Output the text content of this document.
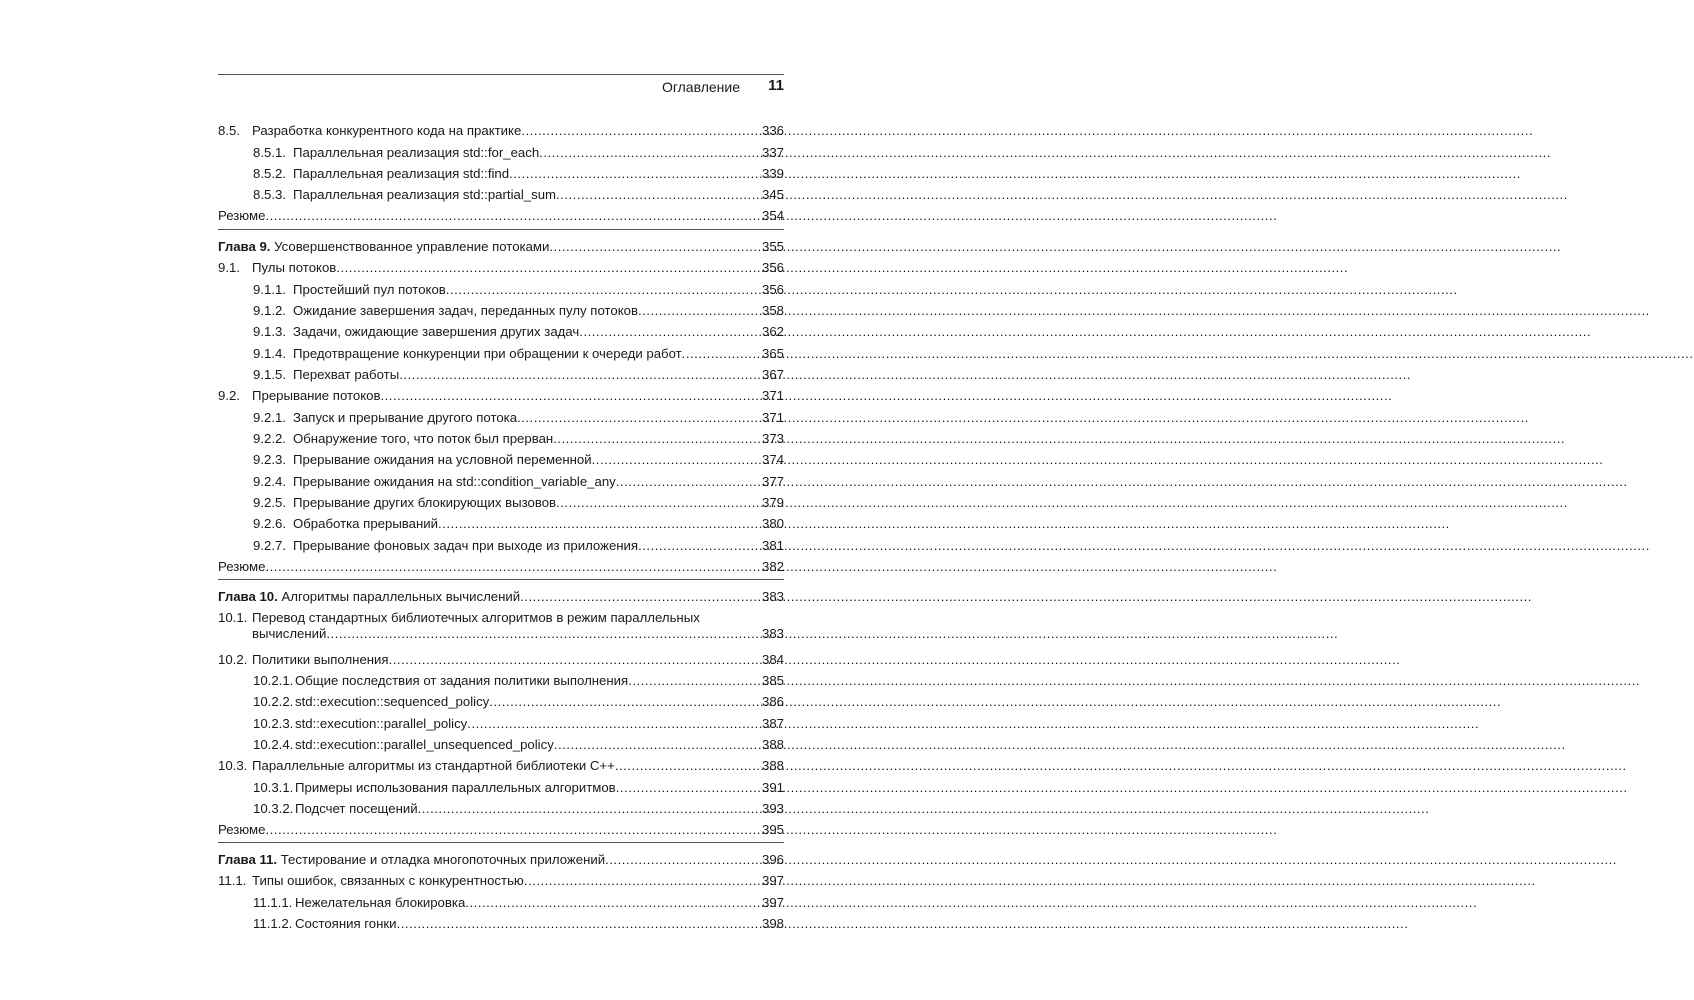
Оглавление	11
8.5. Разработка конкурентного кода на практике .....	336
8.5.1. Параллельная реализация std::for_each .....	337
8.5.2. Параллельная реализация std::find .....	339
8.5.3. Параллельная реализация std::partial_sum .....	345
Резюме .....	354
Глава 9. Усовершенствованное управление потоками .....	355
9.1. Пулы потоков .....	356
9.1.1. Простейший пул потоков .....	356
9.1.2. Ожидание завершения задач, переданных пулу потоков .....	358
9.1.3. Задачи, ожидающие завершения других задач .....	362
9.1.4. Предотвращение конкуренции при обращении к очереди работ .....	365
9.1.5. Перехват работы .....	367
9.2. Прерывание потоков .....	371
9.2.1. Запуск и прерывание другого потока .....	371
9.2.2. Обнаружение того, что поток был прерван .....	373
9.2.3. Прерывание ожидания на условной переменной .....	374
9.2.4. Прерывание ожидания на std::condition_variable_any .....	377
9.2.5. Прерывание других блокирующих вызовов .....	379
9.2.6. Обработка прерываний .....	380
9.2.7. Прерывание фоновых задач при выходе из приложения .....	381
Резюме .....	382
Глава 10. Алгоритмы параллельных вычислений .....	383
10.1. Перевод стандартных библиотечных алгоритмов в режим параллельных
вычислений .....	383
10.2. Политики выполнения .....	384
10.2.1. Общие последствия от задания политики выполнения .....	385
10.2.2. std::execution::sequenced_policy .....	386
10.2.3. std::execution::parallel_policy .....	387
10.2.4. std::execution::parallel_unsequenced_policy .....	388
10.3. Параллельные алгоритмы из стандартной библиотеки С++ .....	388
10.3.1. Примеры использования параллельных алгоритмов .....	391
10.3.2. Подсчет посещений .....	393
Резюме .....	395
Глава 11. Тестирование и отладка многопоточных приложений .....	396
11.1. Типы ошибок, связанных с конкурентностью .....	397
11.1.1. Нежелательная блокировка .....	397
11.1.2. Состояния гонки .....	398
